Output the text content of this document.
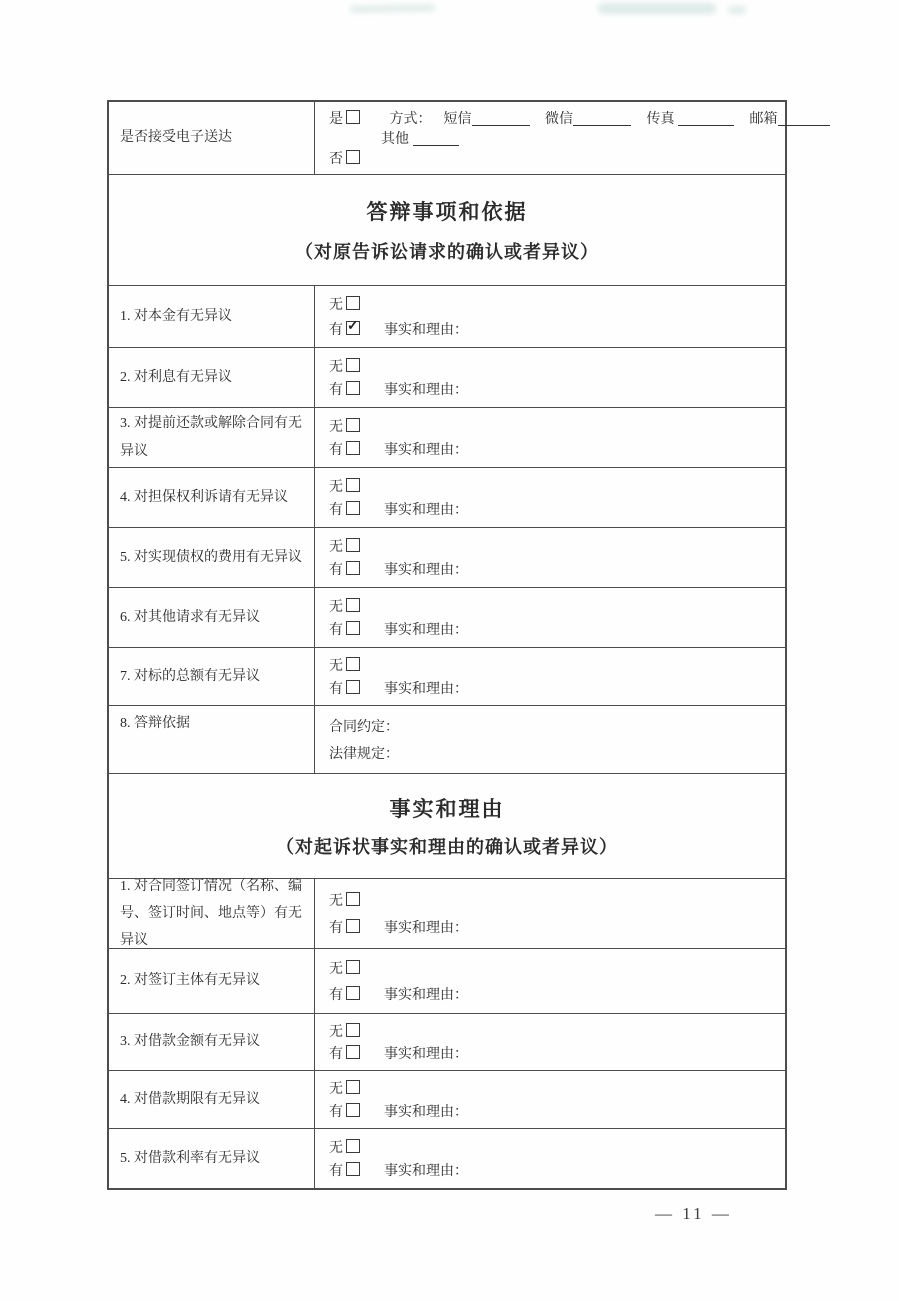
是否接受电子送达
是	方式： 短信	微信	传真	邮箱
其他
否
答辩事项和依据
（对原告诉讼请求的确认或者异议）
1. 对本金有无异议
无
有 ✓	事实和理由：
2. 对利息有无异议
无
有	事实和理由：
3. 对提前还款或解除合同有无异议
无
有	事实和理由：
4. 对担保权利诉请有无异议
无
有	事实和理由：
5. 对实现债权的费用有无异议
无
有	事实和理由：
6. 对其他请求有无异议
无
有	事实和理由：
7. 对标的总额有无异议
无
有	事实和理由：
8. 答辩依据	合同约定：
法律规定：
事实和理由
（对起诉状事实和理由的确认或者异议）
1. 对合同签订情况（名称、编号、签订时间、地点等）有无异议
无
有	事实和理由：
2. 对签订主体有无异议
无
有	事实和理由：
3. 对借款金额有无异议
无
有	事实和理由：
4. 对借款期限有无异议
无
有	事实和理由：
5. 对借款利率有无异议
无
有	事实和理由：
— 11 —
